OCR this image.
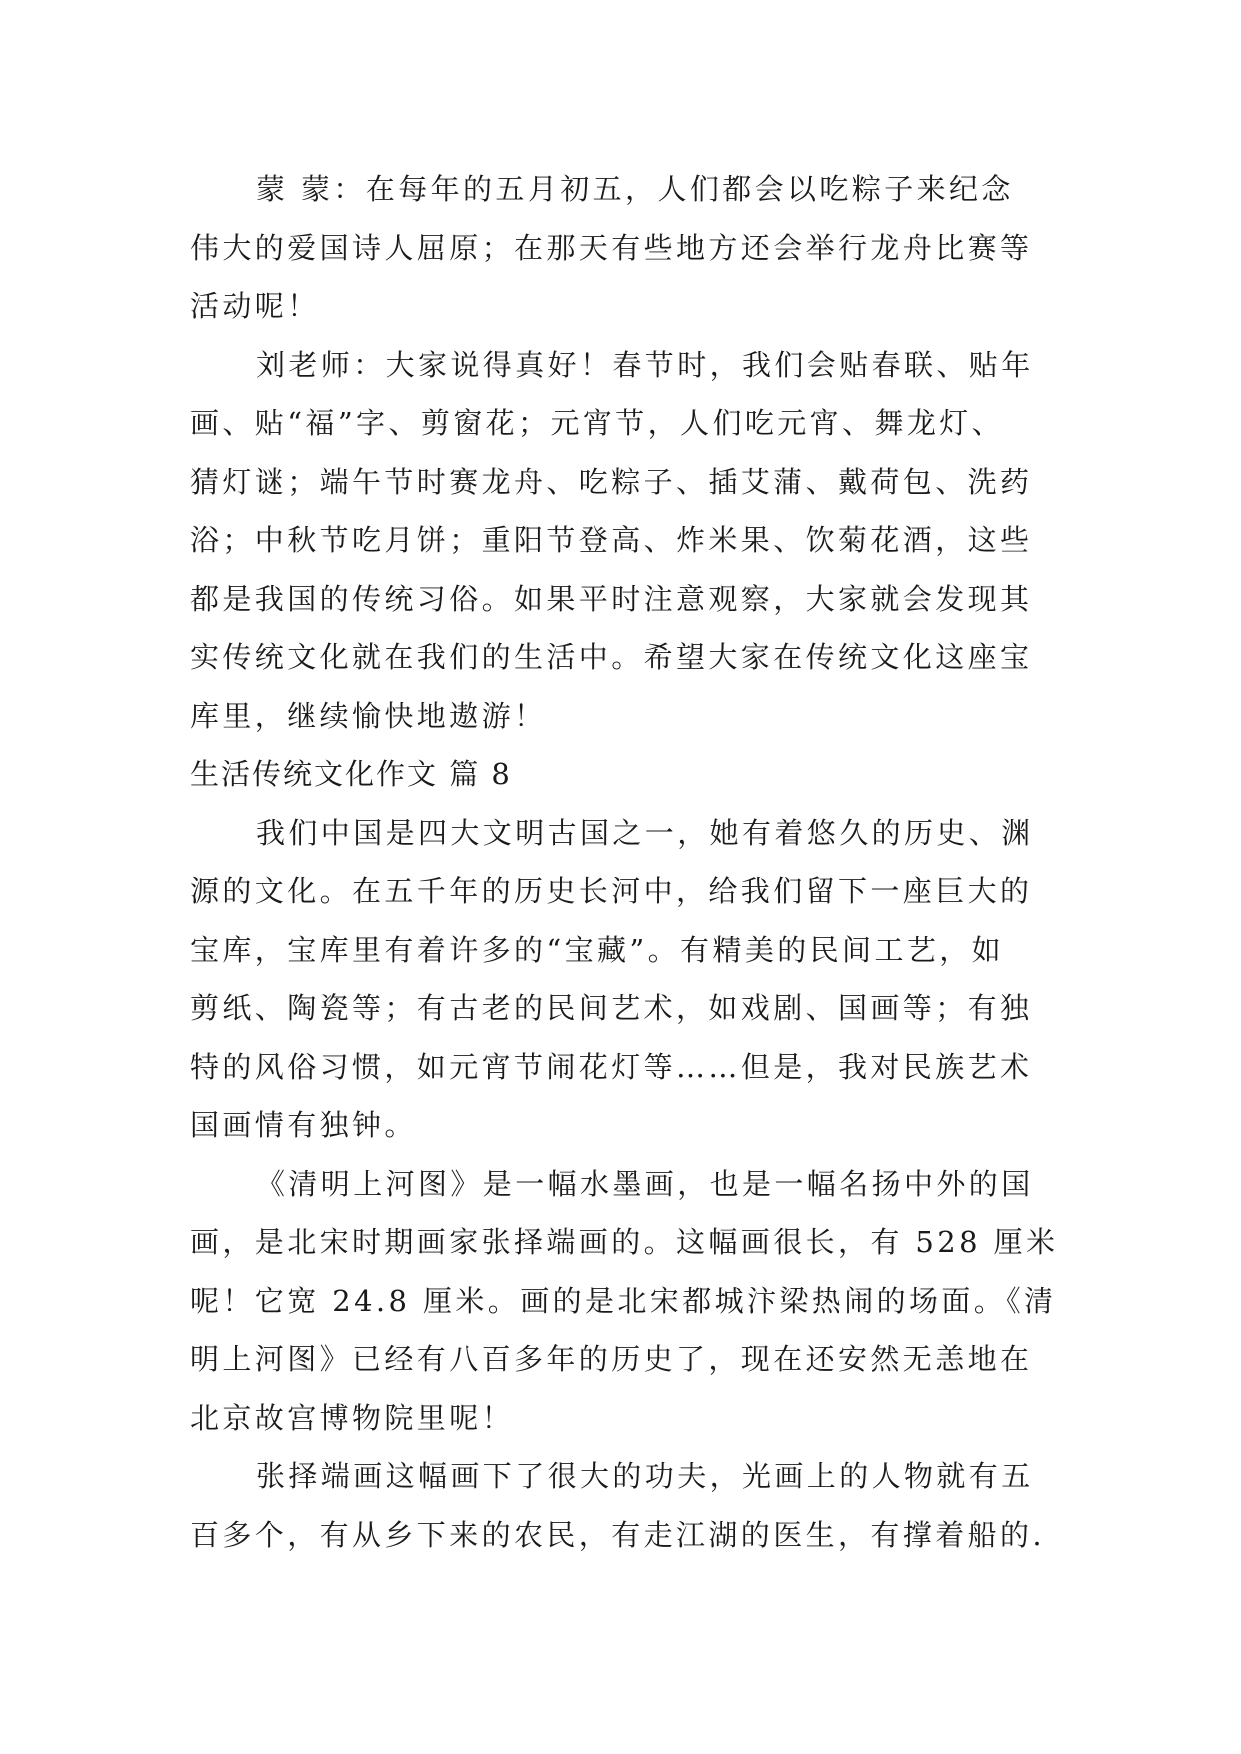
蒙 蒙：在每年的五月初五，人们都会以吃粽子来纪念
伟大的爱国诗人屈原；在那天有些地方还会举行龙舟比赛等
活动呢！
刘老师：大家说得真好！春节时，我们会贴春联、贴年
画、贴“福”字、剪窗花；元宵节，人们吃元宵、舞龙灯、
猜灯谜；端午节时赛龙舟、吃粽子、插艾蒲、戴荷包、洗药
浴；中秋节吃月饼；重阳节登高、炸米果、饮菊花酒，这些
都是我国的传统习俗。如果平时注意观察，大家就会发现其
实传统文化就在我们的生活中。希望大家在传统文化这座宝
库里，继续愉快地遨游！
生活传统文化作文 篇 8
我们中国是四大文明古国之一，她有着悠久的历史、渊
源的文化。在五千年的历史长河中，给我们留下一座巨大的
宝库，宝库里有着许多的“宝藏”。有精美的民间工艺，如
剪纸、陶瓷等；有古老的民间艺术，如戏剧、国画等；有独
特的风俗习惯，如元宵节闹花灯等……但是，我对民族艺术
国画情有独钟。
《清明上河图》是一幅水墨画，也是一幅名扬中外的国
画，是北宋时期画家张择端画的。这幅画很长，有 528 厘米
呢！它宽 24.8 厘米。画的是北宋都城汴梁热闹的场面。《清
明上河图》已经有八百多年的历史了，现在还安然无恙地在
北京故宫博物院里呢！
张择端画这幅画下了很大的功夫，光画上的人物就有五
百多个，有从乡下来的农民，有走江湖的医生，有撑着船的.
